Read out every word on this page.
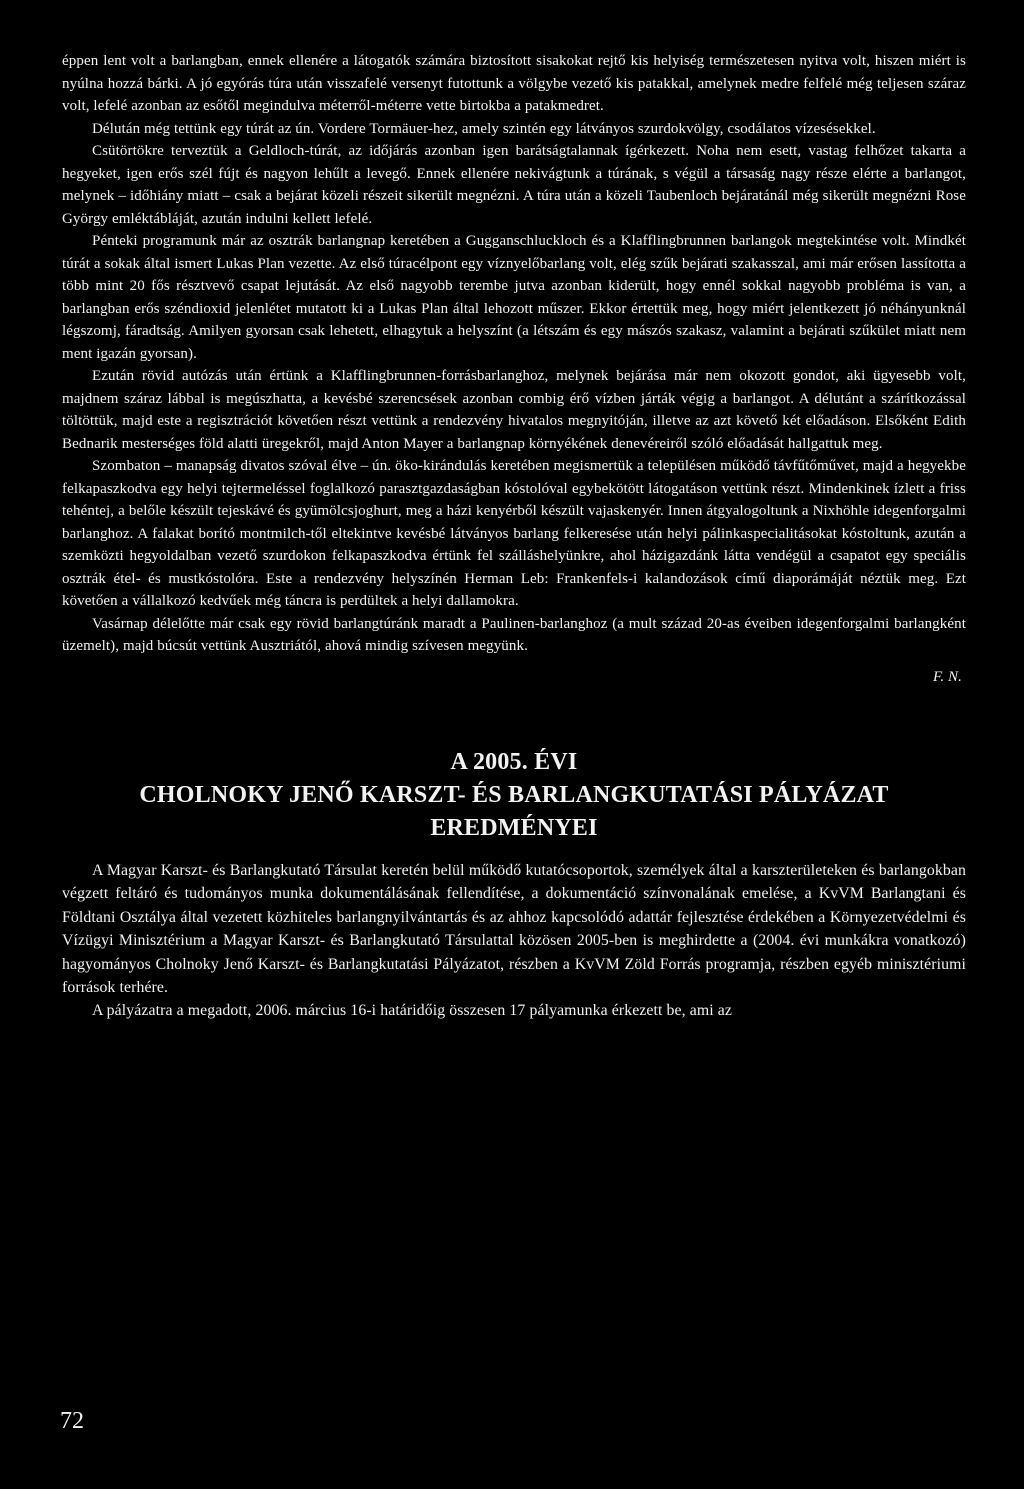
éppen lent volt a barlangban, ennek ellenére a látogatók számára biztosított sisakokat rejtő kis helyiség természetesen nyitva volt, hiszen miért is nyúlna hozzá bárki. A jó egyórás túra után visszafelé versenyt futottunk a völgybe vezető kis patakkal, amelynek medre felfelé még teljesen száraz volt, lefelé azonban az esőtől megindulva méterről-méterre vette birtokba a patakmedret.

Délután még tettünk egy túrát az ún. Vordere Tormäuer-hez, amely szintén egy látványos szurdokvölgy, csodálatos vízesésekkel.

Csütörtökre terveztük a Geldloch-túrát, az időjárás azonban igen barátságtalannak ígérkezett. Noha nem esett, vastag felhőzet takarta a hegyeket, igen erős szél fújt és nagyon lehűlt a levegő. Ennek ellenére nekivágtunk a túrának, s végül a társaság nagy része elérte a barlangot, melynek – időhiány miatt – csak a bejárat közeli részeit sikerült megnézni. A túra után a közeli Taubenloch bejáratánál még sikerült megnézni Rose György emléktábláját, azután indulni kellett lefelé.

Pénteki programunk már az osztrák barlangnap keretében a Gugganschluckloch és a Klafflingbrunnen barlangok megtekintése volt. Mindkét túrát a sokak által ismert Lukas Plan vezette. Az első túracélpont egy víznyelőbarlang volt, elég szűk bejárati szakasszal, ami már erősen lassította a több mint 20 fős résztvevő csapat lejutását. Az első nagyobb terembe jutva azonban kiderült, hogy ennél sokkal nagyobb probléma is van, a barlangban erős széndioxid jelenlétet mutatott ki a Lukas Plan által lehozott műszer. Ekkor értettük meg, hogy miért jelentkezett jó néhányunknál légszomj, fáradtság. Amilyen gyorsan csak lehetett, elhagytuk a helyszínt (a létszám és egy mászós szakasz, valamint a bejárati szűkület miatt nem ment igazán gyorsan).

Ezután rövid autózás után értünk a Klafflingbrunnen-forrásbarlanghoz, melynek bejárása már nem okozott gondot, aki ügyesebb volt, majdnem száraz lábbal is megúszhatta, a kevésbé szerencsések azonban combig érő vízben járták végig a barlangot. A délutánt a szárítkozással töltöttük, majd este a regisztrációt követően részt vettünk a rendezvény hivatalos megnyitóján, illetve az azt követő két előadáson. Elsőként Edith Bednarik mesterséges föld alatti üregekről, majd Anton Mayer a barlangnap környékének denevéreiről szóló előadását hallgattuk meg.

Szombaton – manapság divatos szóval élve – ún. öko-kirándulás keretében megismertük a településen működő távfűtőművet, majd a hegyekbe felkapaszkodva egy helyi tejtermeléssel foglalkozó parasztgazdaságban kóstolóval egybekötött látogatáson vettünk részt. Mindenkinek ízlett a friss tehéntej, a belőle készült tejeskávé és gyümölcsjoghurt, meg a házi kenyérből készült vajaskenyér. Innen átgyalogoltunk a Nixhöhle idegenforgalmi barlanghoz. A falakat borító montmilch-től eltekintve kevésbé látványos barlang felkeresése után helyi pálinkaspecialitásokat kóstoltunk, azután a szemközti hegyoldalban vezető szurdokon felkapaszkodva értünk fel szálláshelyünkre, ahol házigazdánk látta vendégül a csapatot egy speciális osztrák étel- és mustkóstolóra. Este a rendezvény helyszínén Herman Leb: Frankenfels-i kalandozások című diaporámáját néztük meg. Ezt követően a vállalkozó kedvűek még táncra is perdültek a helyi dallamokra.

Vasárnap délelőtte már csak egy rövid barlangtúránk maradt a Paulinen-barlanghoz (a mult század 20-as éveiben idegenforgalmi barlangként üzemelt), majd búcsút vettünk Ausztriától, ahová mindig szívesen megyünk.

F. N.
A 2005. ÉVI
CHOLNOKY JENŐ KARSZT- ÉS BARLANGKUTATÁSI PÁLYÁZAT
EREDMÉNYEI

A Magyar Karszt- és Barlangkutató Társulat keretén belül működő kutatócsoportok, személyek által a karszterületeken és barlangokban végzett feltáró és tudományos munka dokumentálásának fellendítése, a dokumentáció színvonalának emelése, a KvVM Barlangtani és Földtani Osztálya által vezetett közhiteles barlangnyilvántartás és az ahhoz kapcsolódó adattár fejlesztése érdekében a Környezetvédelmi és Vízügyi Minisztérium a Magyar Karszt- és Barlangkutató Társulattal közösen 2005-ben is meghirdette a (2004. évi munkákra vonatkozó) hagyományos Cholnoky Jenő Karszt- és Barlangkutatási Pályázatot, részben a KvVM Zöld Forrás programja, részben egyéb minisztériumi források terhére.

A pályázatra a megadott, 2006. március 16-i határidőig összesen 17 pályamunka érkezett be, ami az

72
